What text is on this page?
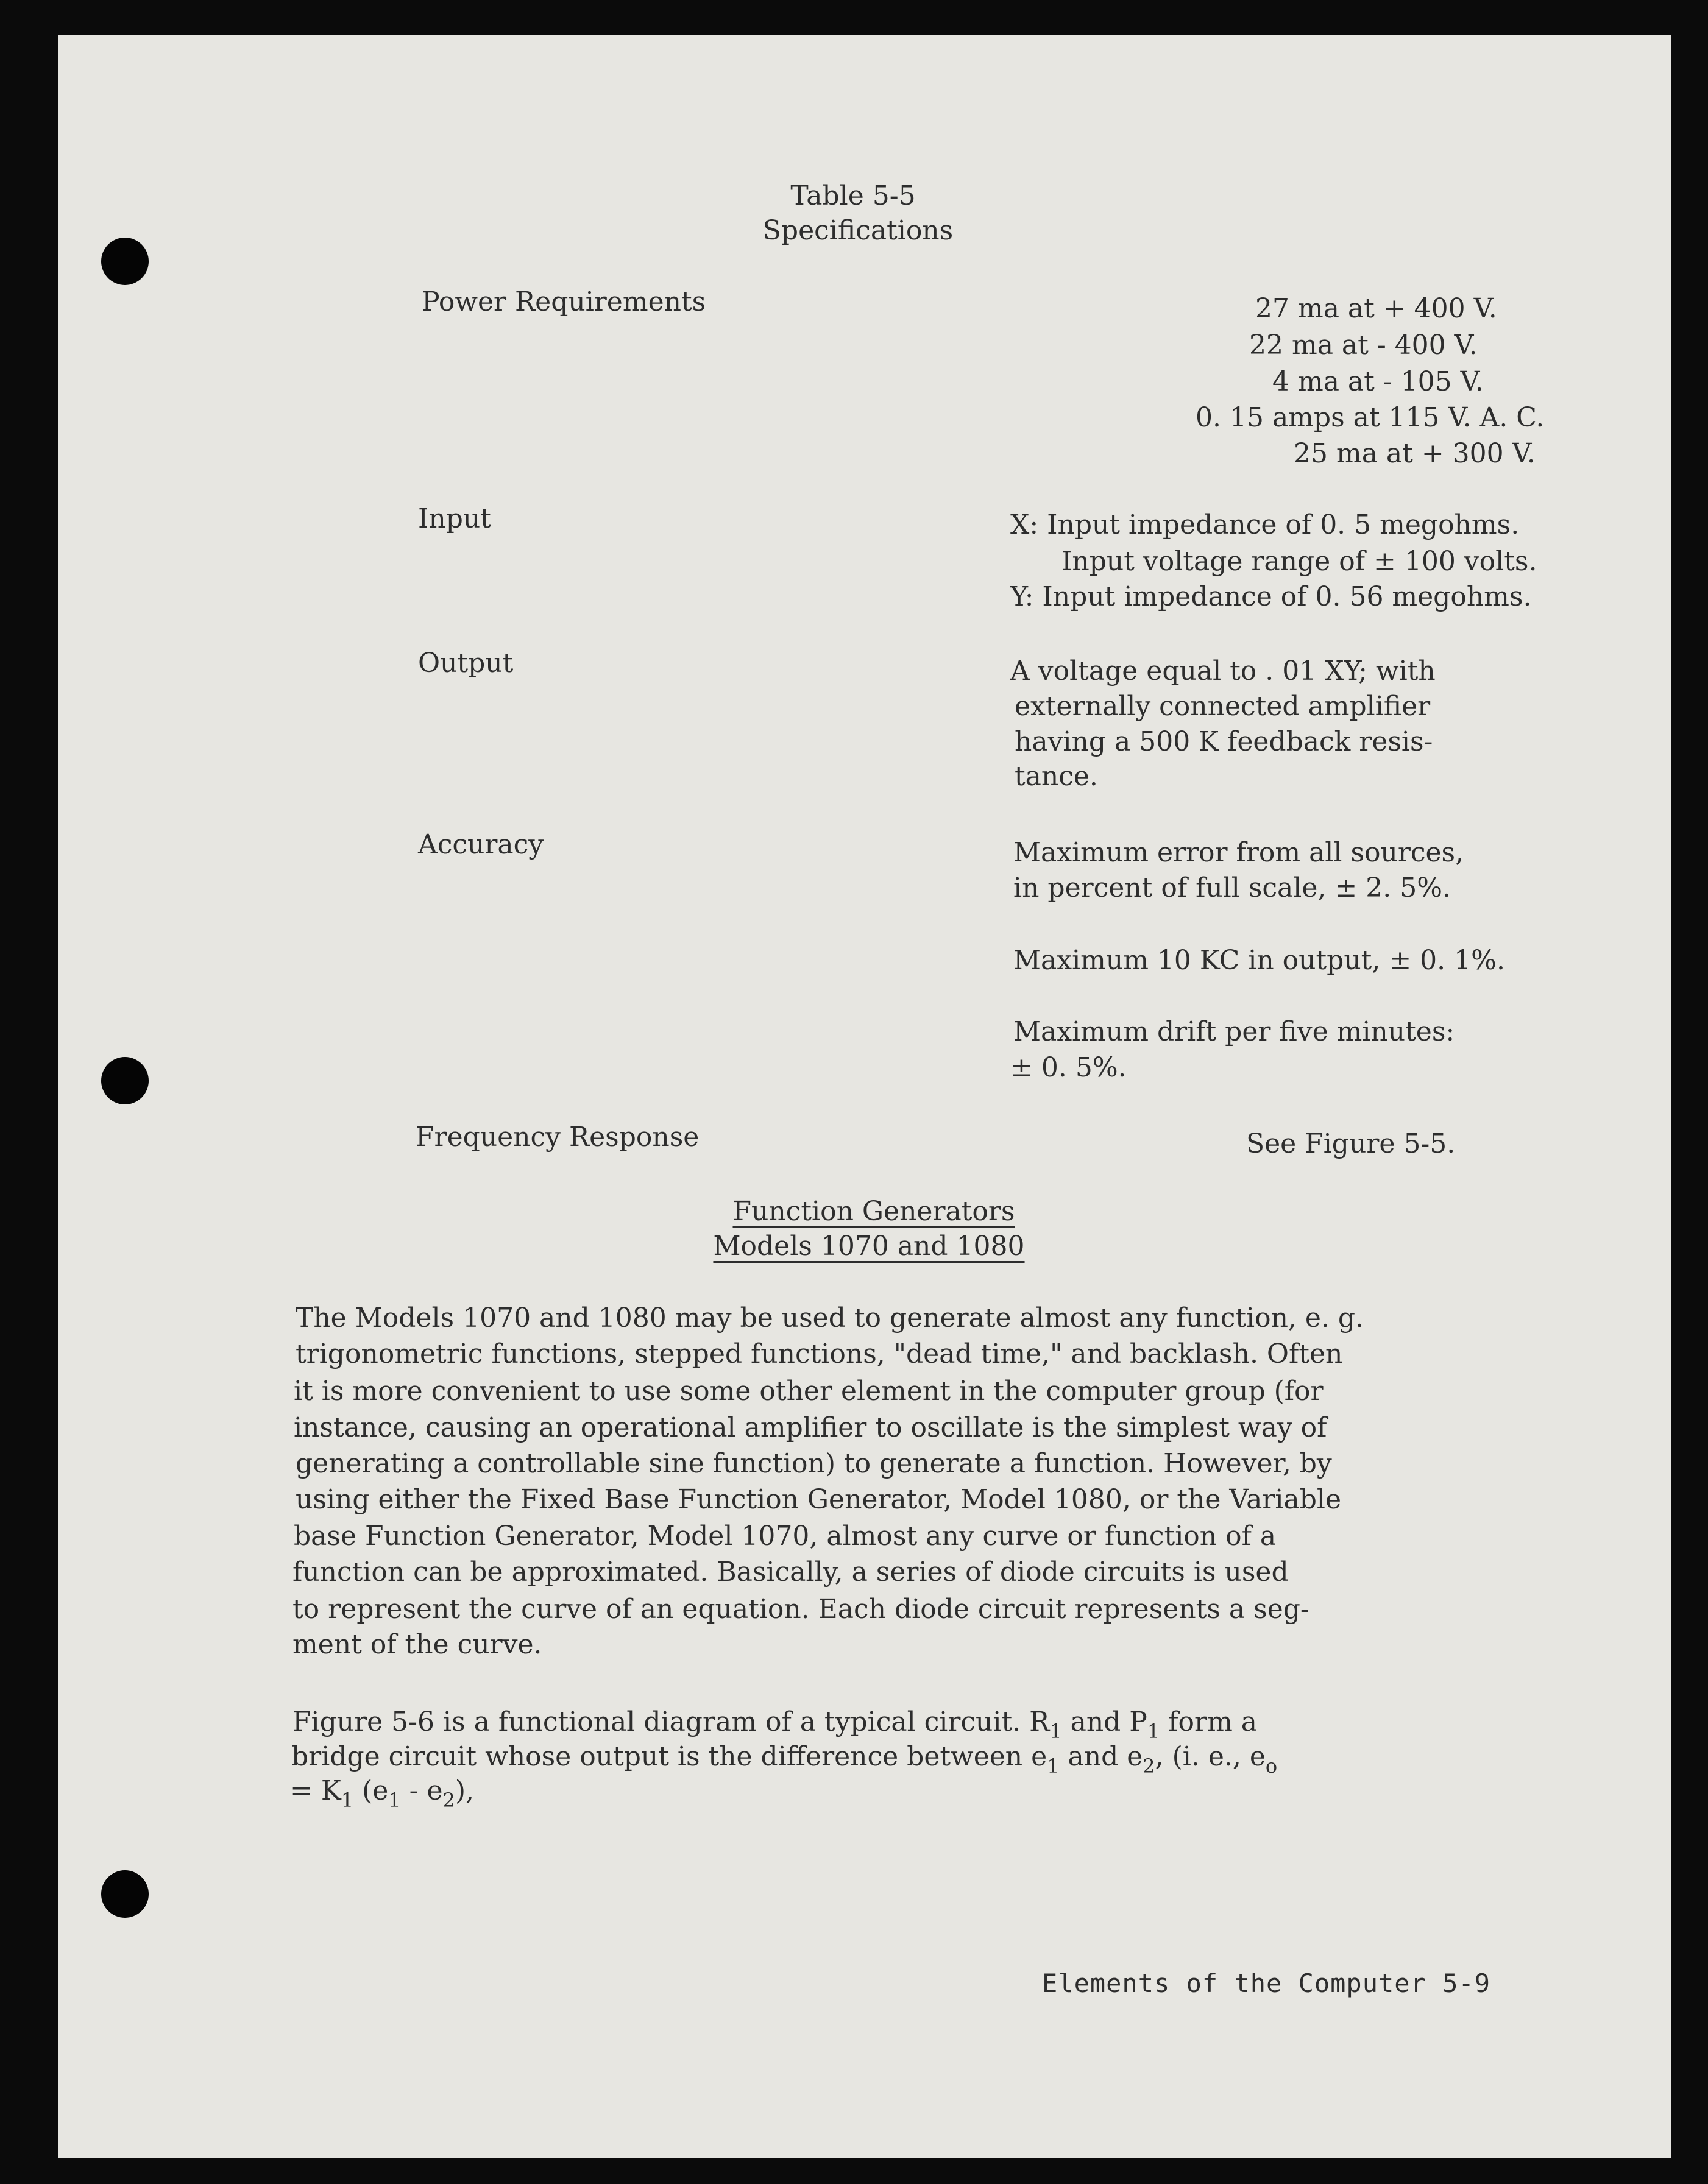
Table 5-5
Specifications
Power Requirements	27 ma at + 400 V.
22 ma at - 400 V.
4 ma at - 105 V.
0. 15 amps at 115 V. A. C.
25 ma at + 300 V.
Input	X: Input impedance of 0. 5 megohms.
Input voltage range of ± 100 volts.
Y: Input impedance of 0. 56 megohms.
Output	A voltage equal to . 01 XY; with
externally connected amplifier
having a 500 K feedback resis-
tance.
Accuracy	Maximum error from all sources,
in percent of full scale, ± 2. 5%.
Maximum 10 KC in output, ± 0. 1%.
Maximum drift per five minutes:
± 0. 5%.
Frequency Response	See Figure 5-5.
Function Generators
Models 1070 and 1080
The Models 1070 and 1080 may be used to generate almost any function, e. g.
trigonometric functions, stepped functions, "dead time," and backlash. Often
it is more convenient to use some other element in the computer group (for
instance, causing an operational amplifier to oscillate is the simplest way of
generating a controllable sine function) to generate a function. However, by
using either the Fixed Base Function Generator, Model 1080, or the Variable
base Function Generator, Model 1070, almost any curve or function of a
function can be approximated. Basically, a series of diode circuits is used
to represent the curve of an equation. Each diode circuit represents a seg-
ment of the curve.
Figure 5-6 is a functional diagram of a typical circuit. $R_1$ and $P_1$ form a
bridge circuit whose output is the difference between $e_1$ and $e_2$, (i. e., $e_o$
= $K_1$ $(e_1 - e_2)$,
Elements of the Computer 5-9
